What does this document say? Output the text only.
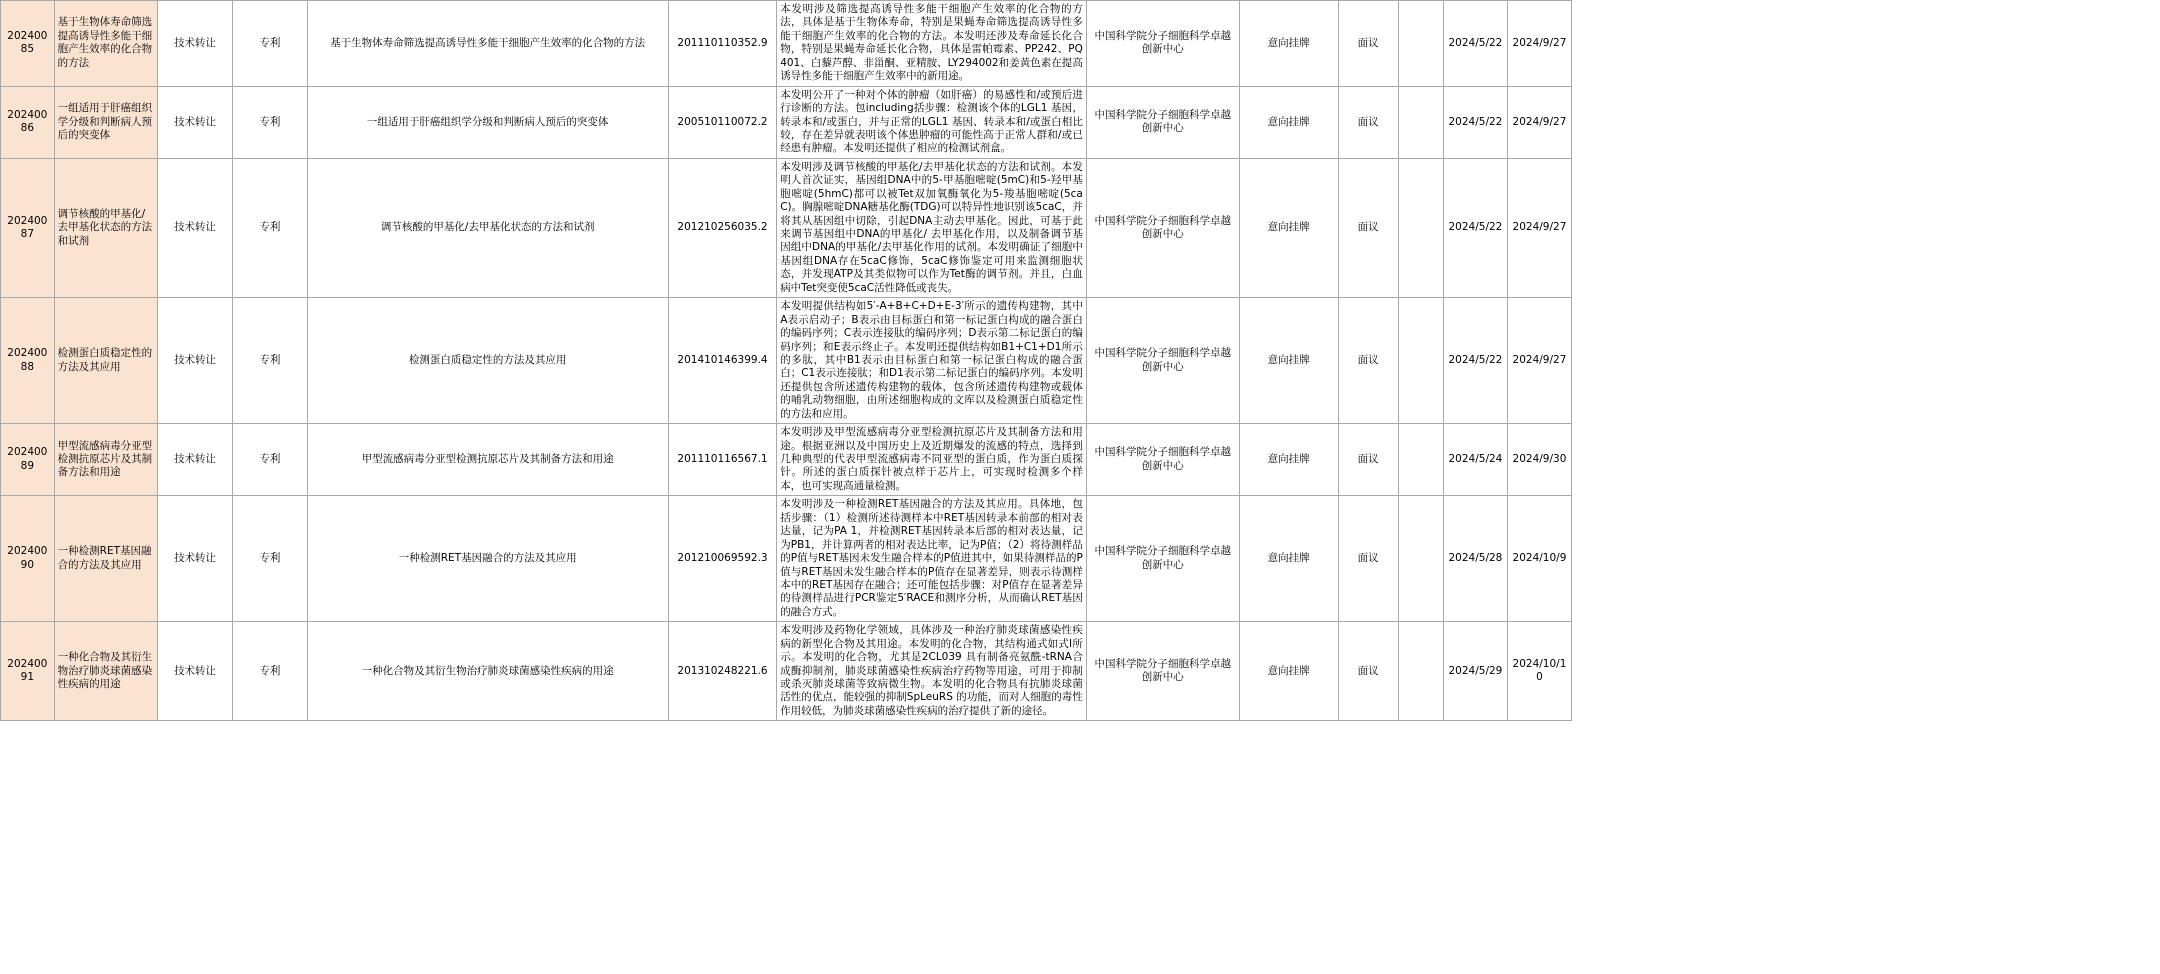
20240085	基于生物体寿命筛选提高诱导性多能干细胞产生效率的化合物的方法	技术转让	专利	基于生物体寿命筛选提高诱导性多能干细胞产生效率的化合物的方法	201110110352.9	本发明涉及筛选提高诱导性多能干细胞产生效率的化合物的方法，具体是基于生物体寿命，特别是果蝇寿命筛选提高诱导性多能干细胞产生效率的化合物的方法。本发明还涉及寿命延长化合物，特别是果蝇寿命延长化合物，具体是雷帕霉素、PP242、PQ401、白藜芦醇、非甾酮、亚精胺、LY294002和姜黄色素在提高诱导性多能干细胞产生效率中的新用途。	中国科学院分子细胞科学卓越创新中心	意向挂牌	面议		2024/5/22	2024/9/27
20240086	一组适用于肝癌组织学分级和判断病人预后的突变体	技术转让	专利	一组适用于肝癌组织学分级和判断病人预后的突变体	200510110072.2	本发明公开了一种对个体的肿瘤（如肝癌）的易感性和/或预后进行诊断的方法。包including括步骤：检测该个体的LGL1 基因，转录本和/或蛋白，并与正常的LGL1 基因、转录本和/或蛋白相比较，存在差异就表明该个体患肿瘤的可能性高于正常人群和/或已经患有肿瘤。本发明还提供了相应的检测试剂盒。	中国科学院分子细胞科学卓越创新中心	意向挂牌	面议		2024/5/22	2024/9/27
20240087	调节核酸的甲基化/去甲基化状态的方法和试剂	技术转让	专利	调节核酸的甲基化/去甲基化状态的方法和试剂	201210256035.2	本发明涉及调节核酸的甲基化/去甲基化状态的方法和试剂。本发明人首次证实，基因组DNA中的5-甲基胞嘧啶(5mC)和5-羟甲基胞嘧啶(5hmC)都可以被Tet双加氧酶氧化为5-羧基胞嘧啶(5caC)。胸腺嘧啶DNA糖基化酶(TDG)可以特异性地识别该5caC，并将其从基因组中切除，引起DNA主动去甲基化。因此，可基于此来调节基因组中DNA的甲基化/ 去甲基化作用，以及制备调节基因组中DNA的甲基化/去甲基化作用的试剂。本发明确证了细胞中基因组DNA存在5caC修饰，5caC修饰鉴定可用来监测细胞状态，并发现ATP及其类似物可以作为Tet酶的调节剂。并且，白血病中Tet突变使5caC活性降低或丧失。	中国科学院分子细胞科学卓越创新中心	意向挂牌	面议		2024/5/22	2024/9/27
20240088	检测蛋白质稳定性的方法及其应用	技术转让	专利	检测蛋白质稳定性的方法及其应用	201410146399.4	本发明提供结构如5′-A+B+C+D+E-3′所示的遗传构建物，其中A表示启动子；B表示由目标蛋白和第一标记蛋白构成的融合蛋白的编码序列；C表示连接肽的编码序列；D表示第二标记蛋白的编码序列；和E表示终止子。本发明还提供结构如B1+C1+D1所示的多肽，其中B1表示由目标蛋白和第一标记蛋白构成的融合蛋白；C1表示连接肽；和D1表示第二标记蛋白的编码序列。本发明还提供包含所述遗传构建物的载体，包含所述遗传构建物或载体的哺乳动物细胞，由所述细胞构成的文库以及检测蛋白质稳定性的方法和应用。	中国科学院分子细胞科学卓越创新中心	意向挂牌	面议		2024/5/22	2024/9/27
20240089	甲型流感病毒分亚型检测抗原芯片及其制备方法和用途	技术转让	专利	甲型流感病毒分亚型检测抗原芯片及其制备方法和用途	201110116567.1	本发明涉及甲型流感病毒分亚型检测抗原芯片及其制备方法和用途。根据亚洲以及中国历史上及近期爆发的流感的特点，选择到几种典型的代表甲型流感病毒不同亚型的蛋白质，作为蛋白质探针。所述的蛋白质探针被点样于芯片上，可实现时检测多个样本，也可实现高通量检测。	中国科学院分子细胞科学卓越创新中心	意向挂牌	面议		2024/5/24	2024/9/30
20240090	一种检测RET基因融合的方法及其应用	技术转让	专利	一种检测RET基因融合的方法及其应用	201210069592.3	本发明涉及一种检测RET基因融合的方法及其应用。具体地，包括步骤：（1）检测所述待测样本中RET基因转录本前部的相对表达量，记为PA 1，并检测RET基因转录本后部的相对表达量，记为PB1，并计算两者的相对表达比率，记为P值；（2）将待测样品的P值与RET基因未发生融合样本的P值进其中，如果待测样品的P值与RET基因未发生融合样本的P值存在显著差异，则表示待测样本中的RET基因存在融合；还可能包括步骤：对P值存在显著差异的待测样品进行PCR鉴定5′RACE和测序分析，从而确认RET基因的融合方式。	中国科学院分子细胞科学卓越创新中心	意向挂牌	面议		2024/5/28	2024/10/9
20240091	一种化合物及其衍生物治疗肺炎球菌感染性疾病的用途	技术转让	专利	一种化合物及其衍生物治疗肺炎球菌感染性疾病的用途	201310248221.6	本发明涉及药物化学领域，具体涉及一种治疗肺炎球菌感染性疾病的新型化合物及其用途。本发明的化合物，其结构通式如式I所示。本发明的化合物，尤其是2CL039 具有制备亮氨酰-tRNA合成酶抑制剂，肺炎球菌感染性疾病治疗药物等用途，可用于抑制或杀灭肺炎球菌等致病微生物。本发明的化合物具有抗肺炎球菌活性的优点，能较强的抑制SpLeuRS 的功能，而对人细胞的毒性作用较低，为肺炎球菌感染性疾病的治疗提供了新的途径。	中国科学院分子细胞科学卓越创新中心	意向挂牌	面议		2024/5/29	2024/10/10
